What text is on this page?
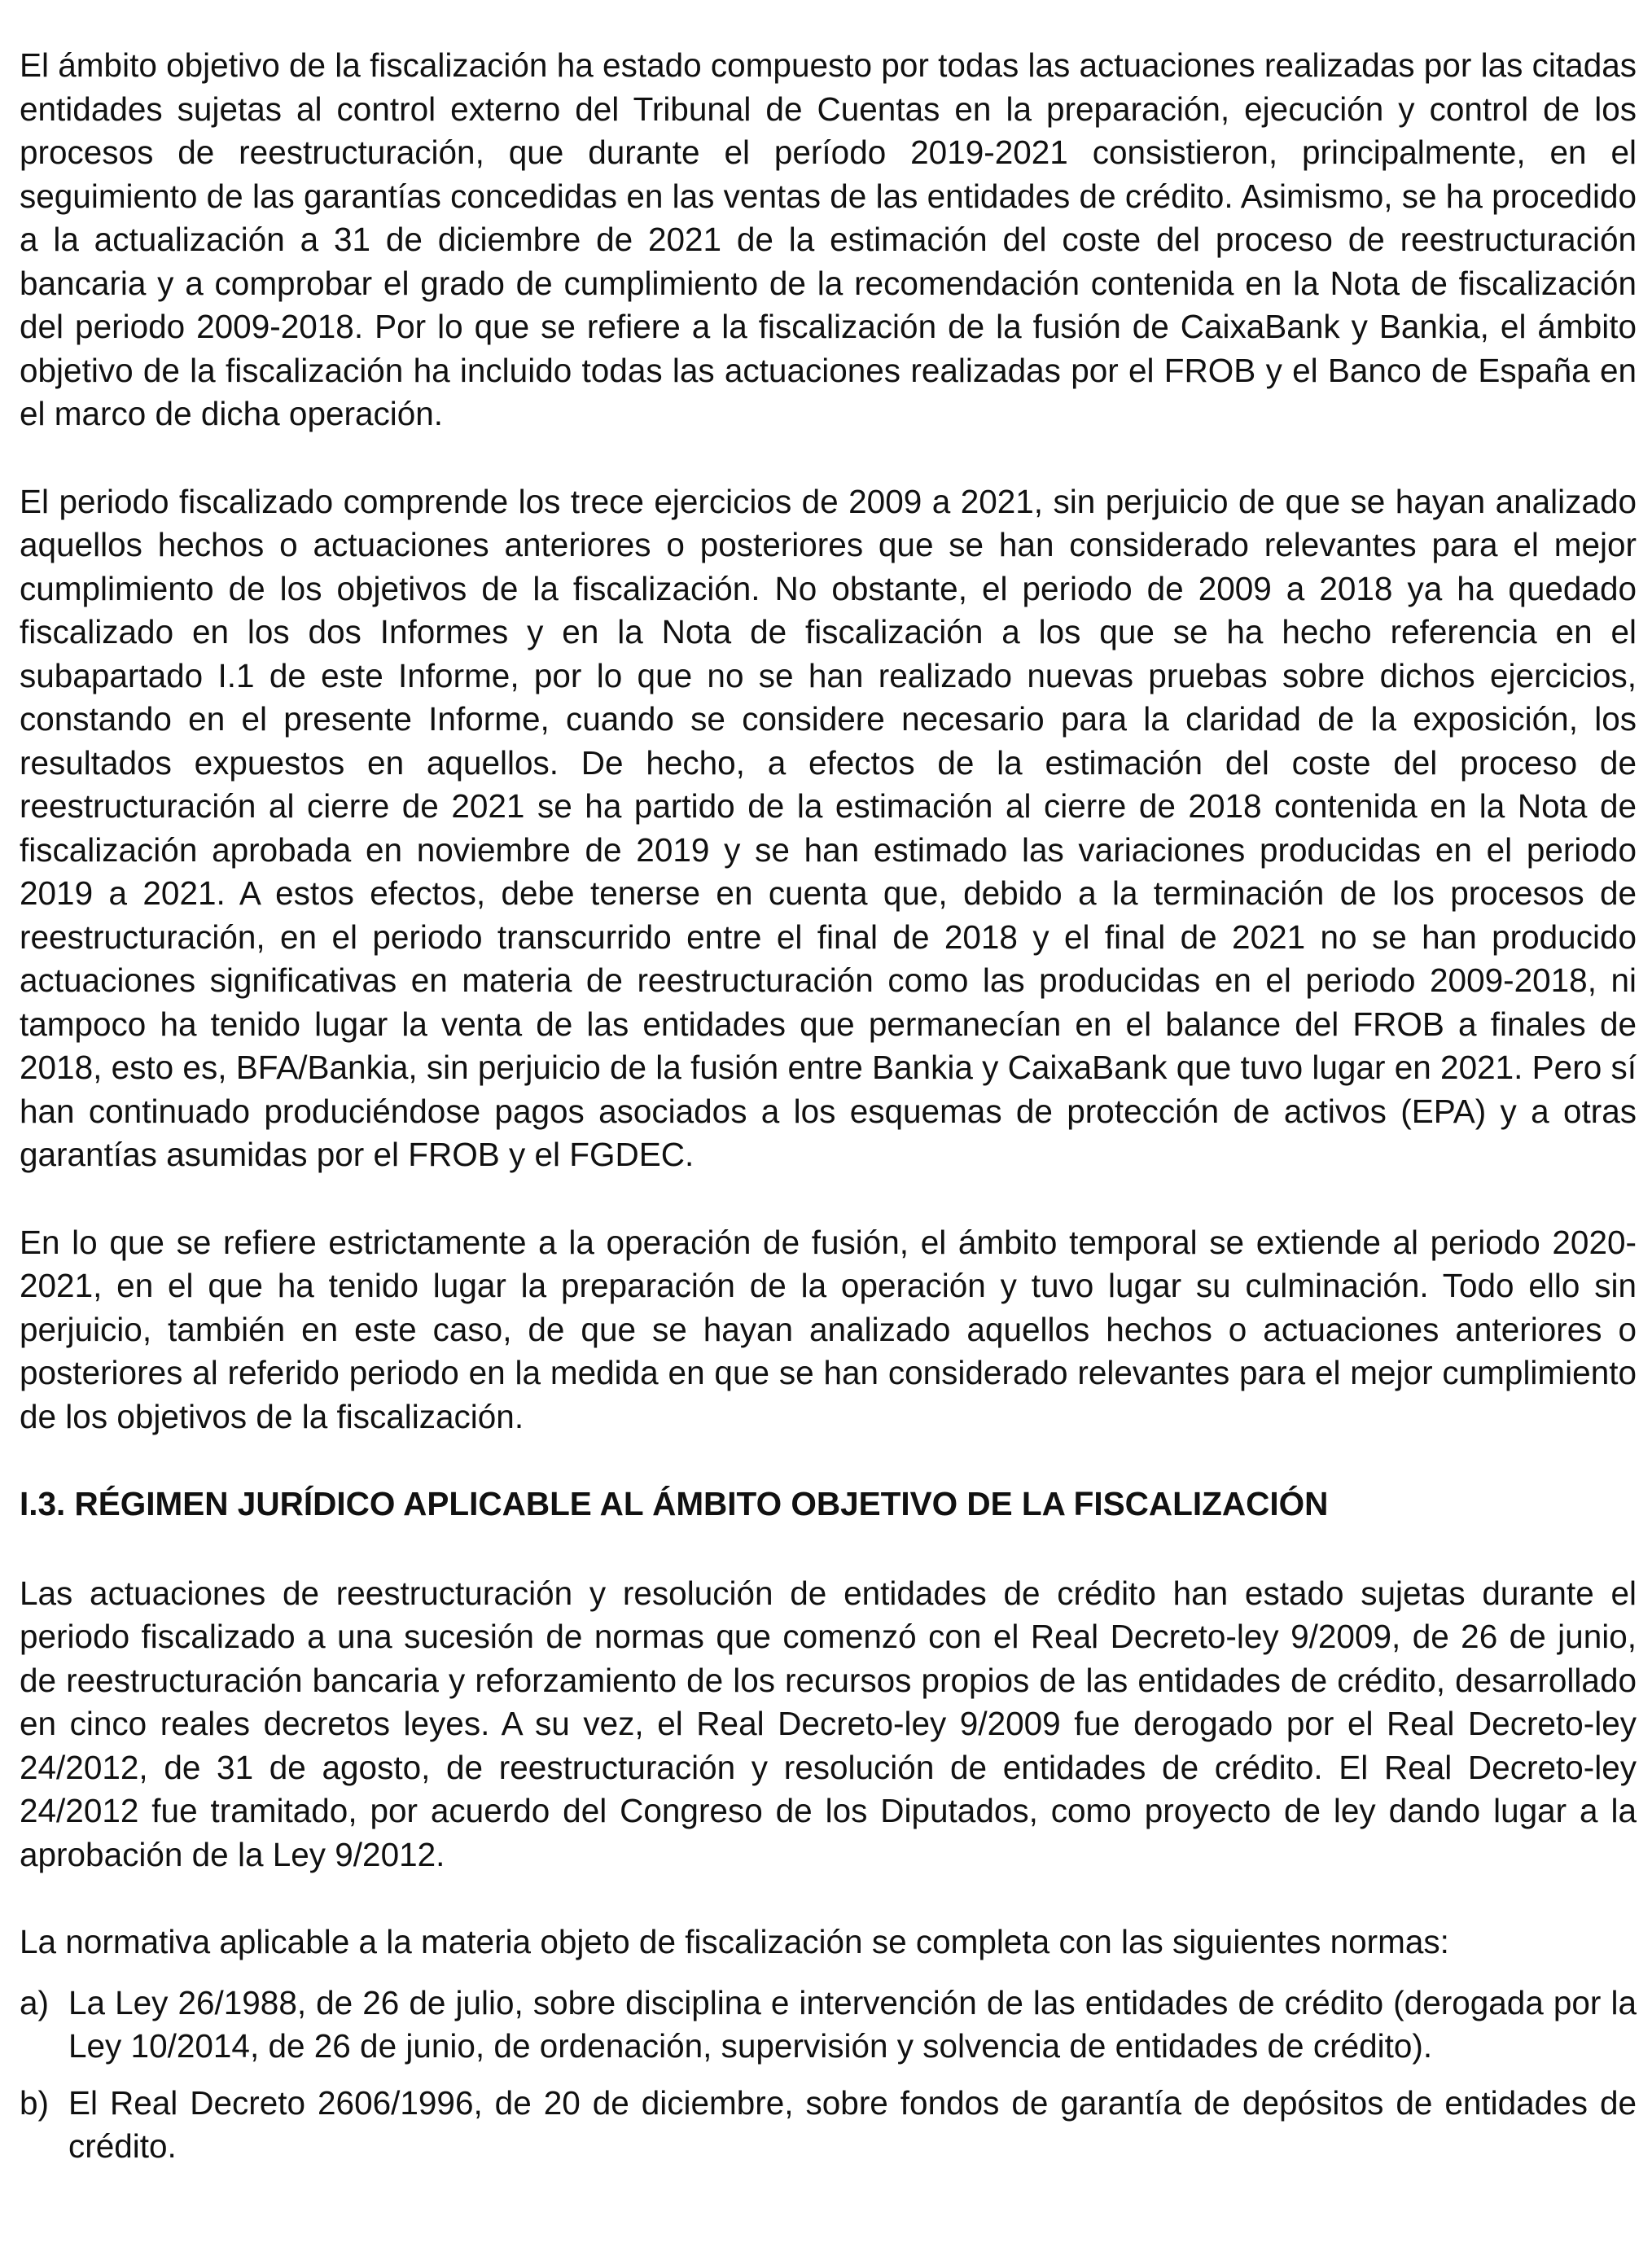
El ámbito objetivo de la fiscalización ha estado compuesto por todas las actuaciones realizadas por las citadas entidades sujetas al control externo del Tribunal de Cuentas en la preparación, ejecución y control de los procesos de reestructuración, que durante el período 2019-2021 consistieron, principalmente, en el seguimiento de las garantías concedidas en las ventas de las entidades de crédito. Asimismo, se ha procedido a la actualización a 31 de diciembre de 2021 de la estimación del coste del proceso de reestructuración bancaria y a comprobar el grado de cumplimiento de la recomendación contenida en la Nota de fiscalización del periodo 2009-2018. Por lo que se refiere a la fiscalización de la fusión de CaixaBank y Bankia, el ámbito objetivo de la fiscalización ha incluido todas las actuaciones realizadas por el FROB y el Banco de España en el marco de dicha operación.

El periodo fiscalizado comprende los trece ejercicios de 2009 a 2021, sin perjuicio de que se hayan analizado aquellos hechos o actuaciones anteriores o posteriores que se han considerado relevantes para el mejor cumplimiento de los objetivos de la fiscalización. No obstante, el periodo de 2009 a 2018 ya ha quedado fiscalizado en los dos Informes y en la Nota de fiscalización a los que se ha hecho referencia en el subapartado I.1 de este Informe, por lo que no se han realizado nuevas pruebas sobre dichos ejercicios, constando en el presente Informe, cuando se considere necesario para la claridad de la exposición, los resultados expuestos en aquellos. De hecho, a efectos de la estimación del coste del proceso de reestructuración al cierre de 2021 se ha partido de la estimación al cierre de 2018 contenida en la Nota de fiscalización aprobada en noviembre de 2019 y se han estimado las variaciones producidas en el periodo 2019 a 2021. A estos efectos, debe tenerse en cuenta que, debido a la terminación de los procesos de reestructuración, en el periodo transcurrido entre el final de 2018 y el final de 2021 no se han producido actuaciones significativas en materia de reestructuración como las producidas en el periodo 2009-2018, ni tampoco ha tenido lugar la venta de las entidades que permanecían en el balance del FROB a finales de 2018, esto es, BFA/Bankia, sin perjuicio de la fusión entre Bankia y CaixaBank que tuvo lugar en 2021. Pero sí han continuado produciéndose pagos asociados a los esquemas de protección de activos (EPA) y a otras garantías asumidas por el FROB y el FGDEC.

En lo que se refiere estrictamente a la operación de fusión, el ámbito temporal se extiende al periodo 2020-2021, en el que ha tenido lugar la preparación de la operación y tuvo lugar su culminación. Todo ello sin perjuicio, también en este caso, de que se hayan analizado aquellos hechos o actuaciones anteriores o posteriores al referido periodo en la medida en que se han considerado relevantes para el mejor cumplimiento de los objetivos de la fiscalización.

I.3. RÉGIMEN JURÍDICO APLICABLE AL ÁMBITO OBJETIVO DE LA FISCALIZACIÓN

Las actuaciones de reestructuración y resolución de entidades de crédito han estado sujetas durante el periodo fiscalizado a una sucesión de normas que comenzó con el Real Decreto-ley 9/2009, de 26 de junio, de reestructuración bancaria y reforzamiento de los recursos propios de las entidades de crédito, desarrollado en cinco reales decretos leyes. A su vez, el Real Decreto-ley 9/2009 fue derogado por el Real Decreto-ley 24/2012, de 31 de agosto, de reestructuración y resolución de entidades de crédito. El Real Decreto-ley 24/2012 fue tramitado, por acuerdo del Congreso de los Diputados, como proyecto de ley dando lugar a la aprobación de la Ley 9/2012.

La normativa aplicable a la materia objeto de fiscalización se completa con las siguientes normas:

a) La Ley 26/1988, de 26 de julio, sobre disciplina e intervención de las entidades de crédito (derogada por la Ley 10/2014, de 26 de junio, de ordenación, supervisión y solvencia de entidades de crédito).
b) El Real Decreto 2606/1996, de 20 de diciembre, sobre fondos de garantía de depósitos de entidades de crédito.
